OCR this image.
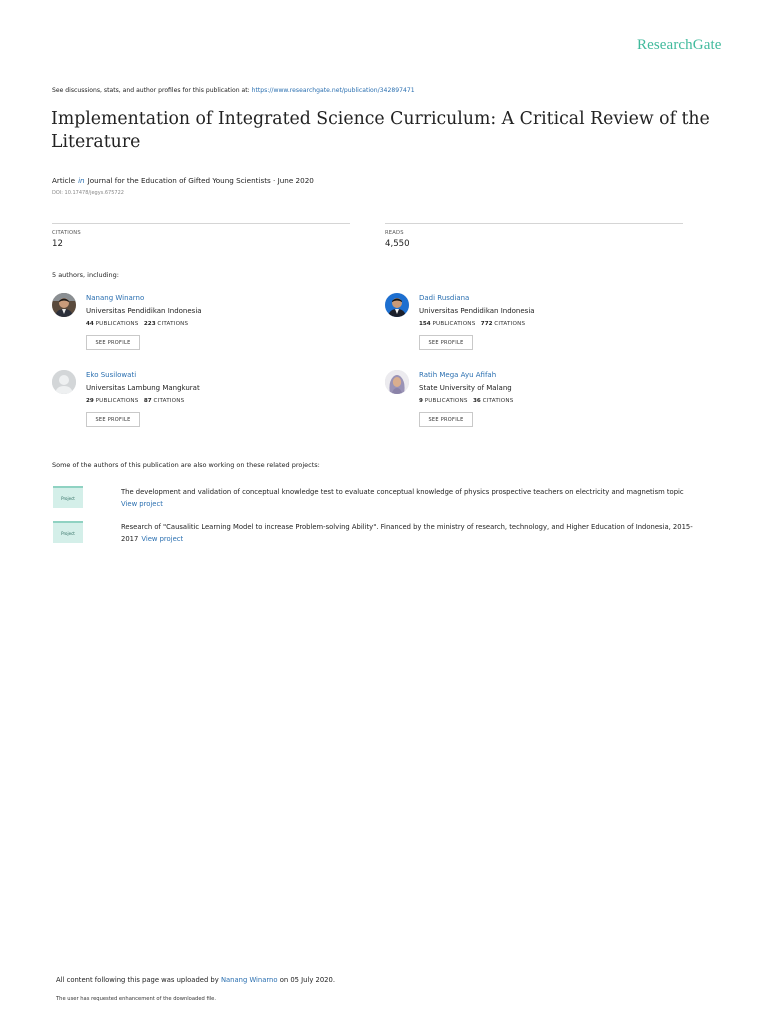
ResearchGate
See discussions, stats, and author profiles for this publication at: https://www.researchgate.net/publication/342897471
Implementation of Integrated Science Curriculum: A Critical Review of the Literature
Article in Journal for the Education of Gifted Young Scientists · June 2020
DOI: 10.17478/jegys.675722
CITATIONS
12
READS
4,550
5 authors, including:
Nanang Winarno
Universitas Pendidikan Indonesia
44 PUBLICATIONS 223 CITATIONS
SEE PROFILE
Dadi Rusdiana
Universitas Pendidikan Indonesia
154 PUBLICATIONS 772 CITATIONS
SEE PROFILE
Eko Susilowati
Universitas Lambung Mangkurat
29 PUBLICATIONS 87 CITATIONS
SEE PROFILE
Ratih Mega Ayu Afifah
State University of Malang
9 PUBLICATIONS 36 CITATIONS
SEE PROFILE
Some of the authors of this publication are also working on these related projects:
Project
The development and validation of conceptual knowledge test to evaluate conceptual knowledge of physics prospective teachers on electricity and magnetism topic
View project
Project
Research of "Causalitic Learning Model to increase Problem-solving Ability". Financed by the ministry of research, technology, and Higher Education of Indonesia, 2015-2017 View project
All content following this page was uploaded by Nanang Winarno on 05 July 2020.
The user has requested enhancement of the downloaded file.
